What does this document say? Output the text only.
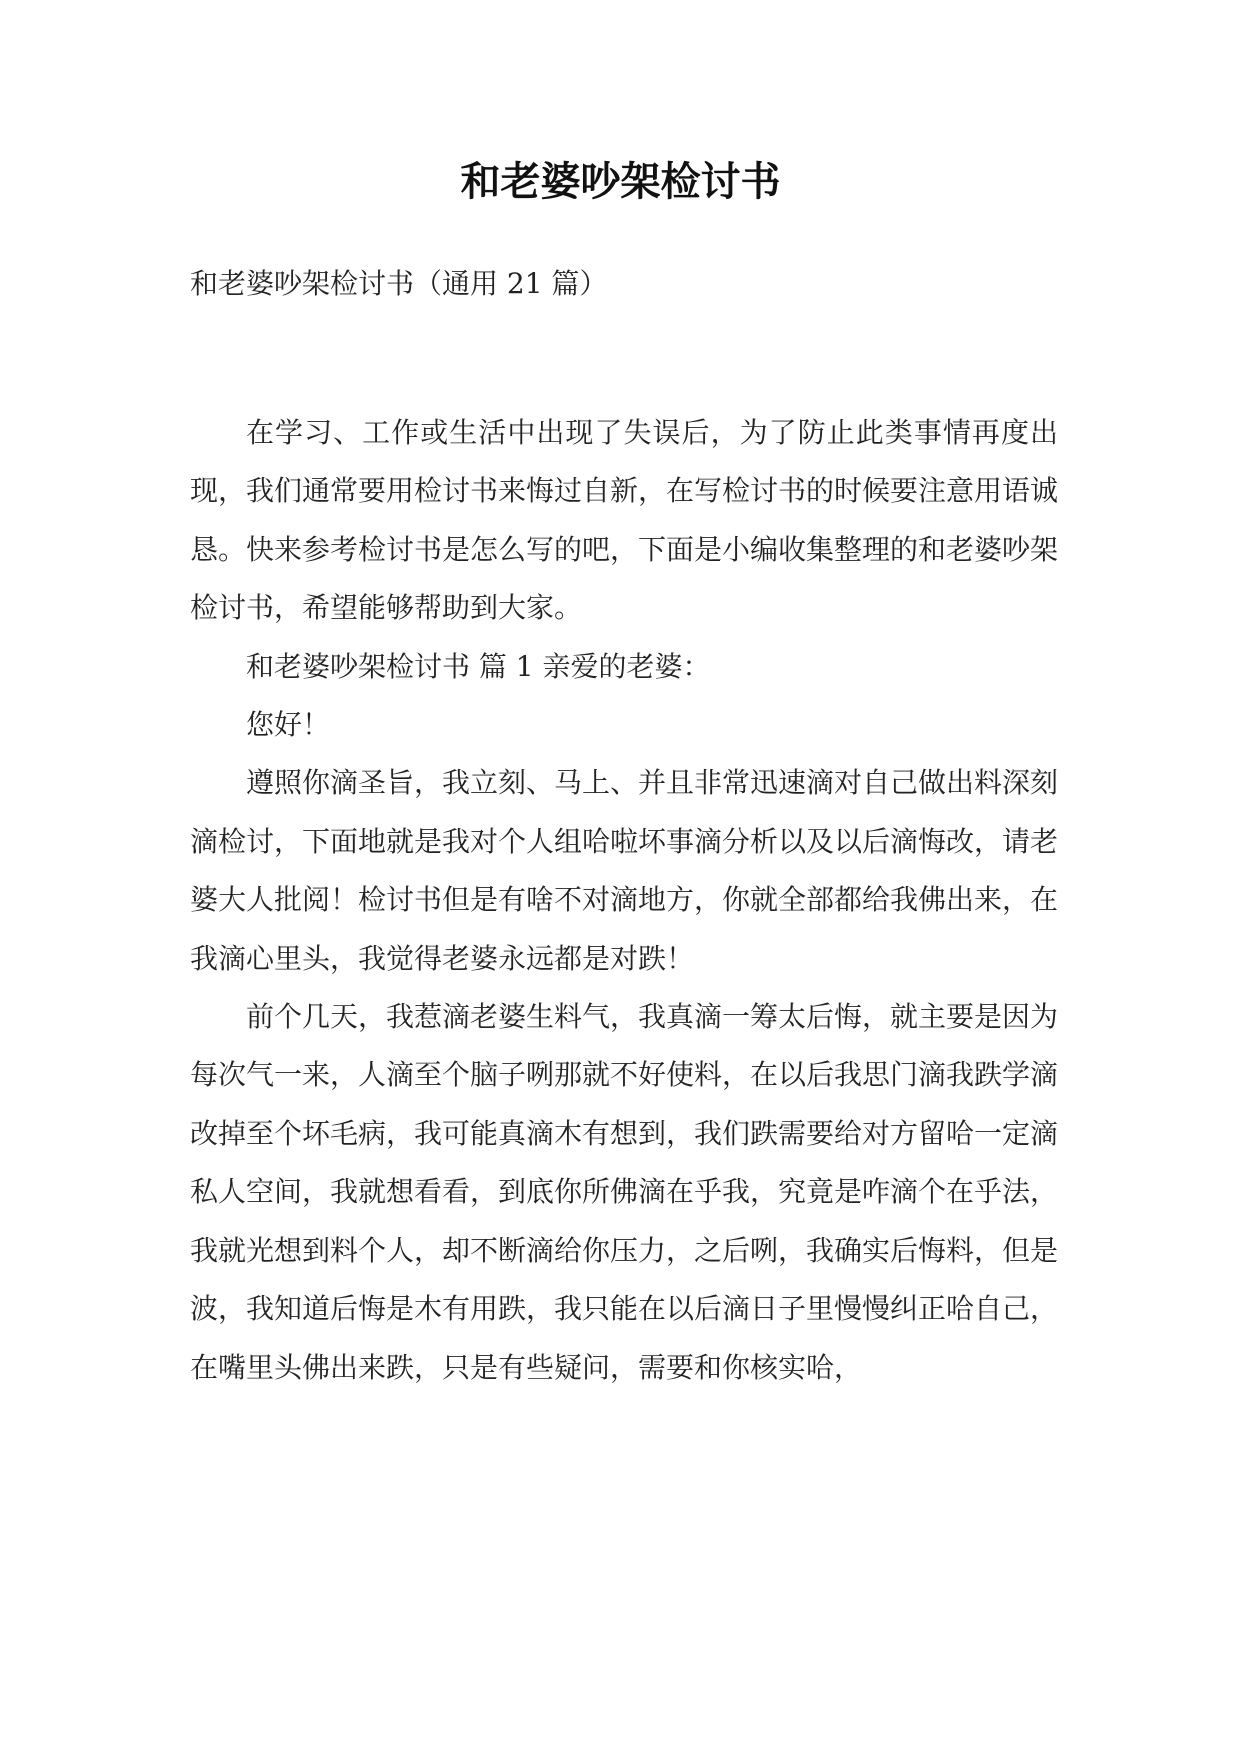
和老婆吵架检讨书
和老婆吵架检讨书（通用 21 篇）

在学习、工作或生活中出现了失误后，为了防止此类事情再度出现，我们通常要用检讨书来悔过自新，在写检讨书的时候要注意用语诚恳。快来参考检讨书是怎么写的吧，下面是小编收集整理的和老婆吵架检讨书，希望能够帮助到大家。

和老婆吵架检讨书 篇 1 亲爱的老婆：

您好！

遵照你滴圣旨，我立刻、马上、并且非常迅速滴对自己做出料深刻滴检讨，下面地就是我对个人组哈啦坏事滴分析以及以后滴悔改，请老婆大人批阅！检讨书但是有啥不对滴地方，你就全部都给我佛出来，在我滴心里头，我觉得老婆永远都是对跌！

前个几天，我惹滴老婆生料气，我真滴一筹太后悔，就主要是因为每次气一来，人滴至个脑子咧那就不好使料，在以后我思门滴我跌学滴改掉至个坏毛病，我可能真滴木有想到，我们跌需要给对方留哈一定滴私人空间，我就想看看，到底你所佛滴在乎我，究竟是咋滴个在乎法，我就光想到料个人，却不断滴给你压力，之后咧，我确实后悔料，但是波，我知道后悔是木有用跌，我只能在以后滴日子里慢慢纠正哈自己，在嘴里头佛出来跌，只是有些疑问，需要和你核实哈，
